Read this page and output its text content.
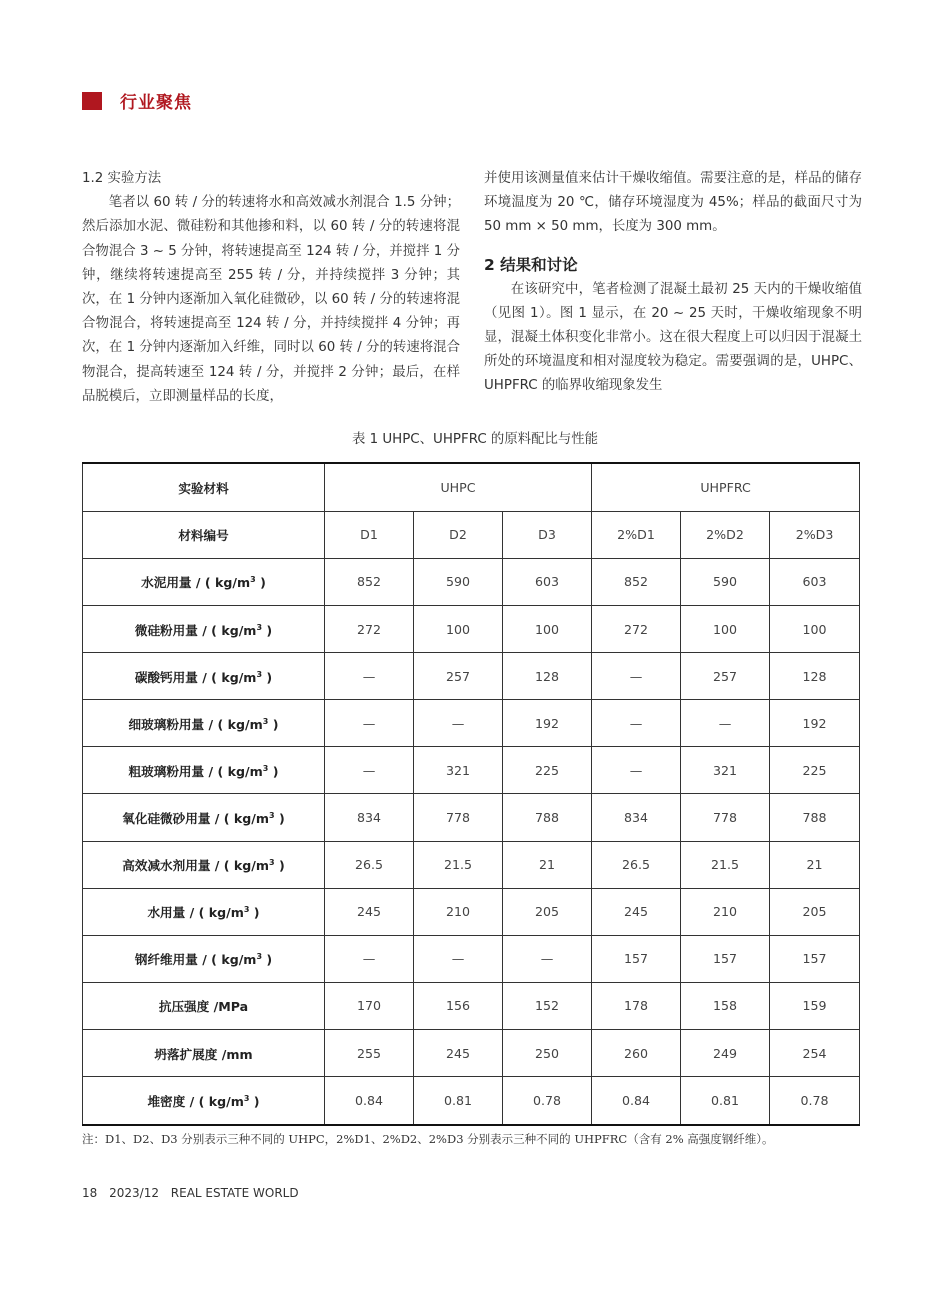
行业聚焦

1.2 实验方法

笔者以 60 转 / 分的转速将水和高效减水剂混合 1.5 分钟；然后添加水泥、微硅粉和其他掺和料，以 60 转 / 分的转速将混合物混合 3 ~ 5 分钟，将转速提高至 124 转 / 分，并搅拌 1 分钟，继续将转速提高至 255 转 / 分，并持续搅拌 3 分钟；其次，在 1 分钟内逐渐加入氧化硅微砂，以 60 转 / 分的转速将混合物混合，将转速提高至 124 转 / 分，并持续搅拌 4 分钟；再次，在 1 分钟内逐渐加入纤维，同时以 60 转 / 分的转速将混合物混合，提高转速至 124 转 / 分，并搅拌 2 分钟；最后，在样品脱模后，立即测量样品的长度，

并使用该测量值来估计干燥收缩值。需要注意的是，样品的储存环境温度为 20 ℃，储存环境湿度为 45%；样品的截面尺寸为 50 mm × 50 mm，长度为 300 mm。

2 结果和讨论

在该研究中，笔者检测了混凝土最初 25 天内的干燥收缩值（见图 1）。图 1 显示，在 20 ~ 25 天时，干燥收缩现象不明显，混凝土体积变化非常小。这在很大程度上可以归因于混凝土所处的环境温度和相对湿度较为稳定。需要强调的是，UHPC、UHPFRC 的临界收缩现象发生

表 1 UHPC、UHPFRC 的原料配比与性能
实验材料	UHPC			UHPFRC		
材料编号	D1	D2	D3	2%D1	2%D2	2%D3
水泥用量 / ( $kg/m^3$ )	852	590	603	852	590	603
微硅粉用量 / ( $kg/m^3$ )	272	100	100	272	100	100
碳酸钙用量 / ( $kg/m^3$ )	—	257	128	—	257	128
细玻璃粉用量 / ( $kg/m^3$ )	—	—	192	—	—	192
粗玻璃粉用量 / ( $kg/m^3$ )	—	321	225	—	321	225
氧化硅微砂用量 / ( $kg/m^3$ )	834	778	788	834	778	788
高效减水剂用量 / ( $kg/m^3$ )	26.5	21.5	21	26.5	21.5	21
水用量 / ( $kg/m^3$ )	245	210	205	245	210	205
钢纤维用量 / ( $kg/m^3$ )	—	—	—	157	157	157
抗压强度 /MPa	170	156	152	178	158	159
坍落扩展度 /mm	255	245	250	260	249	254
堆密度 / ( $kg/m^3$ )	0.84	0.81	0.78	0.84	0.81	0.78
注：D1、D2、D3 分别表示三种不同的 UHPC，2%D1、2%D2、2%D3 分别表示三种不同的 UHPFRC（含有 2% 高强度钢纤维）。
18 2023/12 REAL ESTATE WORLD
